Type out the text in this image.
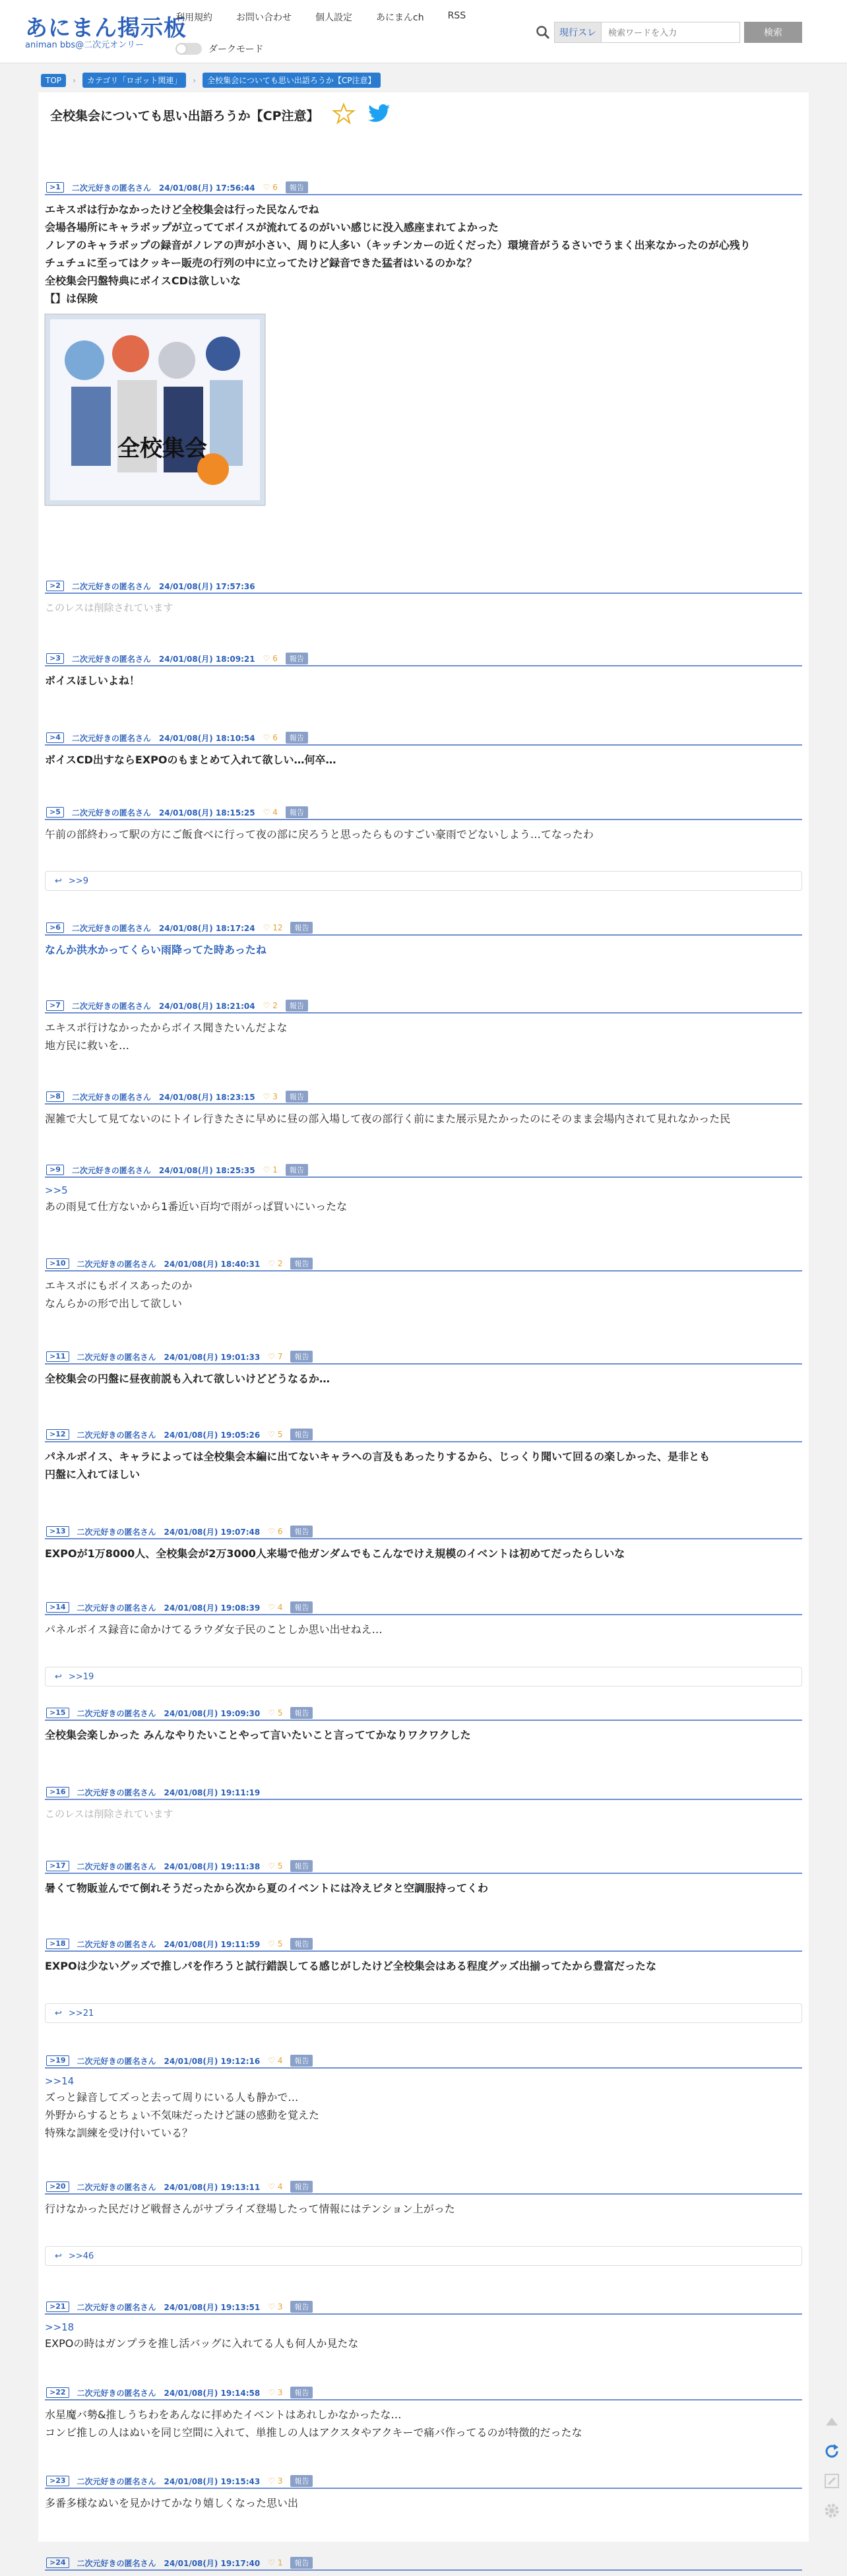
あにまん掲示板
animan bbs@二次元オンリー
利用規約	お問い合わせ	個人設定	あにまんch	RSS
ダークモード
現行スレ
検索ワードを入力	検索
TOP	›	カテゴリ「ロボット関連」	›	全校集会についても思い出語ろうか【CP注意】
全校集会についても思い出語ろうか【CP注意】
>1	二次元好きの匿名さん 24/01/08(月) 17:56:44 ♡ 6	報告
エキスポは行かなかったけど全校集会は行った民なんでね
会場各場所にキャラボップが立っててボイスが流れてるのがいい感じに没入感座まれてよかった
ノレアのキャラボップの録音がノレアの声が小さい、周りに人多い（キッチンカーの近くだった）環境音がうるさいでうまく出来なかったのが心残り
チュチュに至ってはクッキー販売の行列の中に立ってたけど録音できた猛者はいるのかな？
全校集会円盤特典にボイスCDは欲しいな
【】は保険
全校集会
>2	二次元好きの匿名さん 24/01/08(月) 17:57:36
このレスは削除されています
>3	二次元好きの匿名さん 24/01/08(月) 18:09:21 ♡ 6	報告
ボイスほしいよね！
>4	二次元好きの匿名さん 24/01/08(月) 18:10:54 ♡ 6	報告
ボイスCD出すならEXPOのもまとめて入れて欲しい…何卒…
>5	二次元好きの匿名さん 24/01/08(月) 18:15:25 ♡ 4	報告
午前の部終わって駅の方にご飯食べに行って夜の部に戻ろうと思ったらものすごい豪雨でどないしよう…てなったわ
>6	二次元好きの匿名さん 24/01/08(月) 18:17:24 ♡ 12	報告
なんか洪水かってくらい雨降ってた時あったね
>7	二次元好きの匿名さん 24/01/08(月) 18:21:04 ♡ 2	報告
エキスポ行けなかったからボイス聞きたいんだよな
地方民に救いを…
>8	二次元好きの匿名さん 24/01/08(月) 18:23:15 ♡ 3	報告
渥雑で大して見てないのにトイレ行きたさに早めに昼の部入場して夜の部行く前にまた展示見たかったのにそのまま会場内されて見れなかった民
>9	二次元好きの匿名さん 24/01/08(月) 18:25:35 ♡ 1	報告
>>5
あの雨見て仕方ないから1番近い百均で雨がっぱ買いにいったな
>10	二次元好きの匿名さん 24/01/08(月) 18:40:31 ♡ 2	報告
エキスポにもボイスあったのか
なんらかの形で出して欲しい
>11	二次元好きの匿名さん 24/01/08(月) 19:01:33 ♡ 7	報告
全校集会の円盤に昼夜前説も入れて欲しいけどどうなるか…
>12	二次元好きの匿名さん 24/01/08(月) 19:05:26 ♡ 5	報告
パネルボイス、キャラによっては全校集会本編に出てないキャラへの言及もあったりするから、じっくり聞いて回るの楽しかった、是非とも
円盤に入れてほしい
>13	二次元好きの匿名さん 24/01/08(月) 19:07:48 ♡ 6	報告
EXPOが1万8000人、全校集会が2万3000人来場で他ガンダムでもこんなでけえ規模のイベントは初めてだったらしいな
>14	二次元好きの匿名さん 24/01/08(月) 19:08:39 ♡ 4	報告
パネルボイス録音に命かけてるラウダ女子民のことしか思い出せねえ…
>15	二次元好きの匿名さん 24/01/08(月) 19:09:30 ♡ 5	報告
全校集会楽しかった みんなやりたいことやって言いたいこと言っててかなりワクワクした
>16	二次元好きの匿名さん 24/01/08(月) 19:11:19
このレスは削除されています
>17	二次元好きの匿名さん 24/01/08(月) 19:11:38 ♡ 5	報告
暑くて物販並んでて倒れそうだったから次から夏のイベントには冷えピタと空調服持ってくわ
>18	二次元好きの匿名さん 24/01/08(月) 19:11:59 ♡ 5	報告
EXPOは少ないグッズで推しパを作ろうと試行錯誤してる感じがしたけど全校集会はある程度グッズ出揃ってたから豊富だったな
>19	二次元好きの匿名さん 24/01/08(月) 19:12:16 ♡ 4	報告
>>14
ズっと録音してズっと去って周りにいる人も静かで…
外野からするとちょい不気味だったけど謎の感動を覚えた
特殊な訓練を受け付いている？
>20	二次元好きの匿名さん 24/01/08(月) 19:13:11 ♡ 4	報告
行けなかった民だけど戦督さんがサプライズ登場したって情報にはテンション上がった
>21	二次元好きの匿名さん 24/01/08(月) 19:13:51 ♡ 3	報告
>>18
EXPOの時はガンプラを推し活バッグに入れてる人も何人か見たな
>22	二次元好きの匿名さん 24/01/08(月) 19:14:58 ♡ 3	報告
水星魔バ勢&推しうちわをあんなに拝めたイベントはあれしかなかったな…
コンビ推しの人はぬいを同じ空間に入れて、単推しの人はアクスタやアクキーで痛バ作ってるのが特徴的だったな
>23	二次元好きの匿名さん 24/01/08(月) 19:15:43 ♡ 3	報告
多番多様なぬいを見かけてかなり嬉しくなった思い出
>24	二次元好きの匿名さん 24/01/08(月) 19:17:40 ♡ 1	報告
↩ >>9
↩ >>19
↩ >>21
↩ >>46
